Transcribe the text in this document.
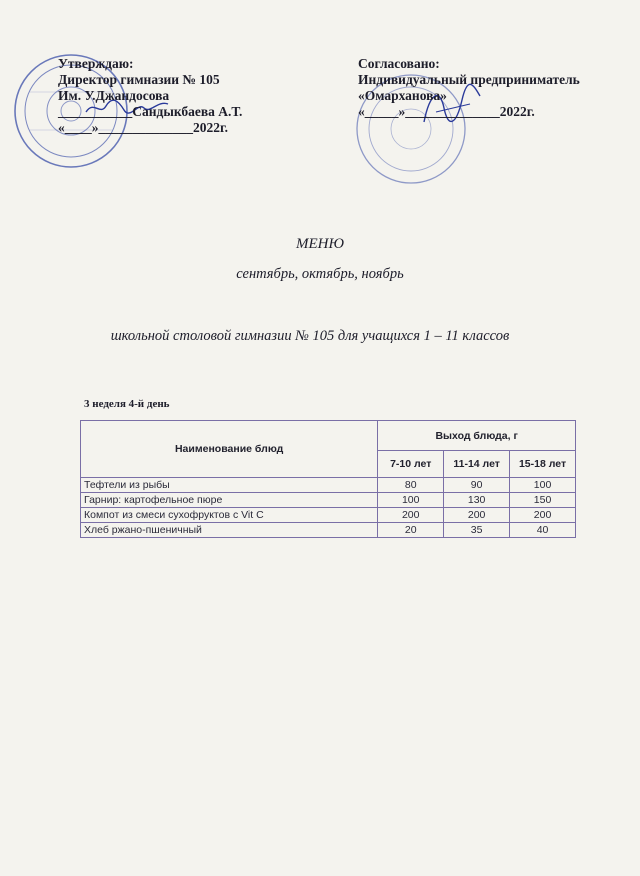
Утверждаю:
Директор гимназии № 105
Им. У.Джандосова
___________Сандыкбаева А.Т.
«____»______________2022г.
Согласовано:
Индивидуальный предприниматель
«Омарханова»
«_____»______________2022г.
МЕНЮ
сентябрь, октябрь, ноябрь
школьной столовой гимназии № 105 для учащихся 1 – 11 классов
3 неделя 4-й день
Наименование блюд	Выход блюда, г		
	7-10 лет	11-14 лет	15-18 лет
Тефтели из рыбы	80	90	100
Гарнир: картофельное пюре	100	130	150
Компот из смеси сухофруктов с Vit C	200	200	200
Хлеб ржано-пшеничный	20	35	40
